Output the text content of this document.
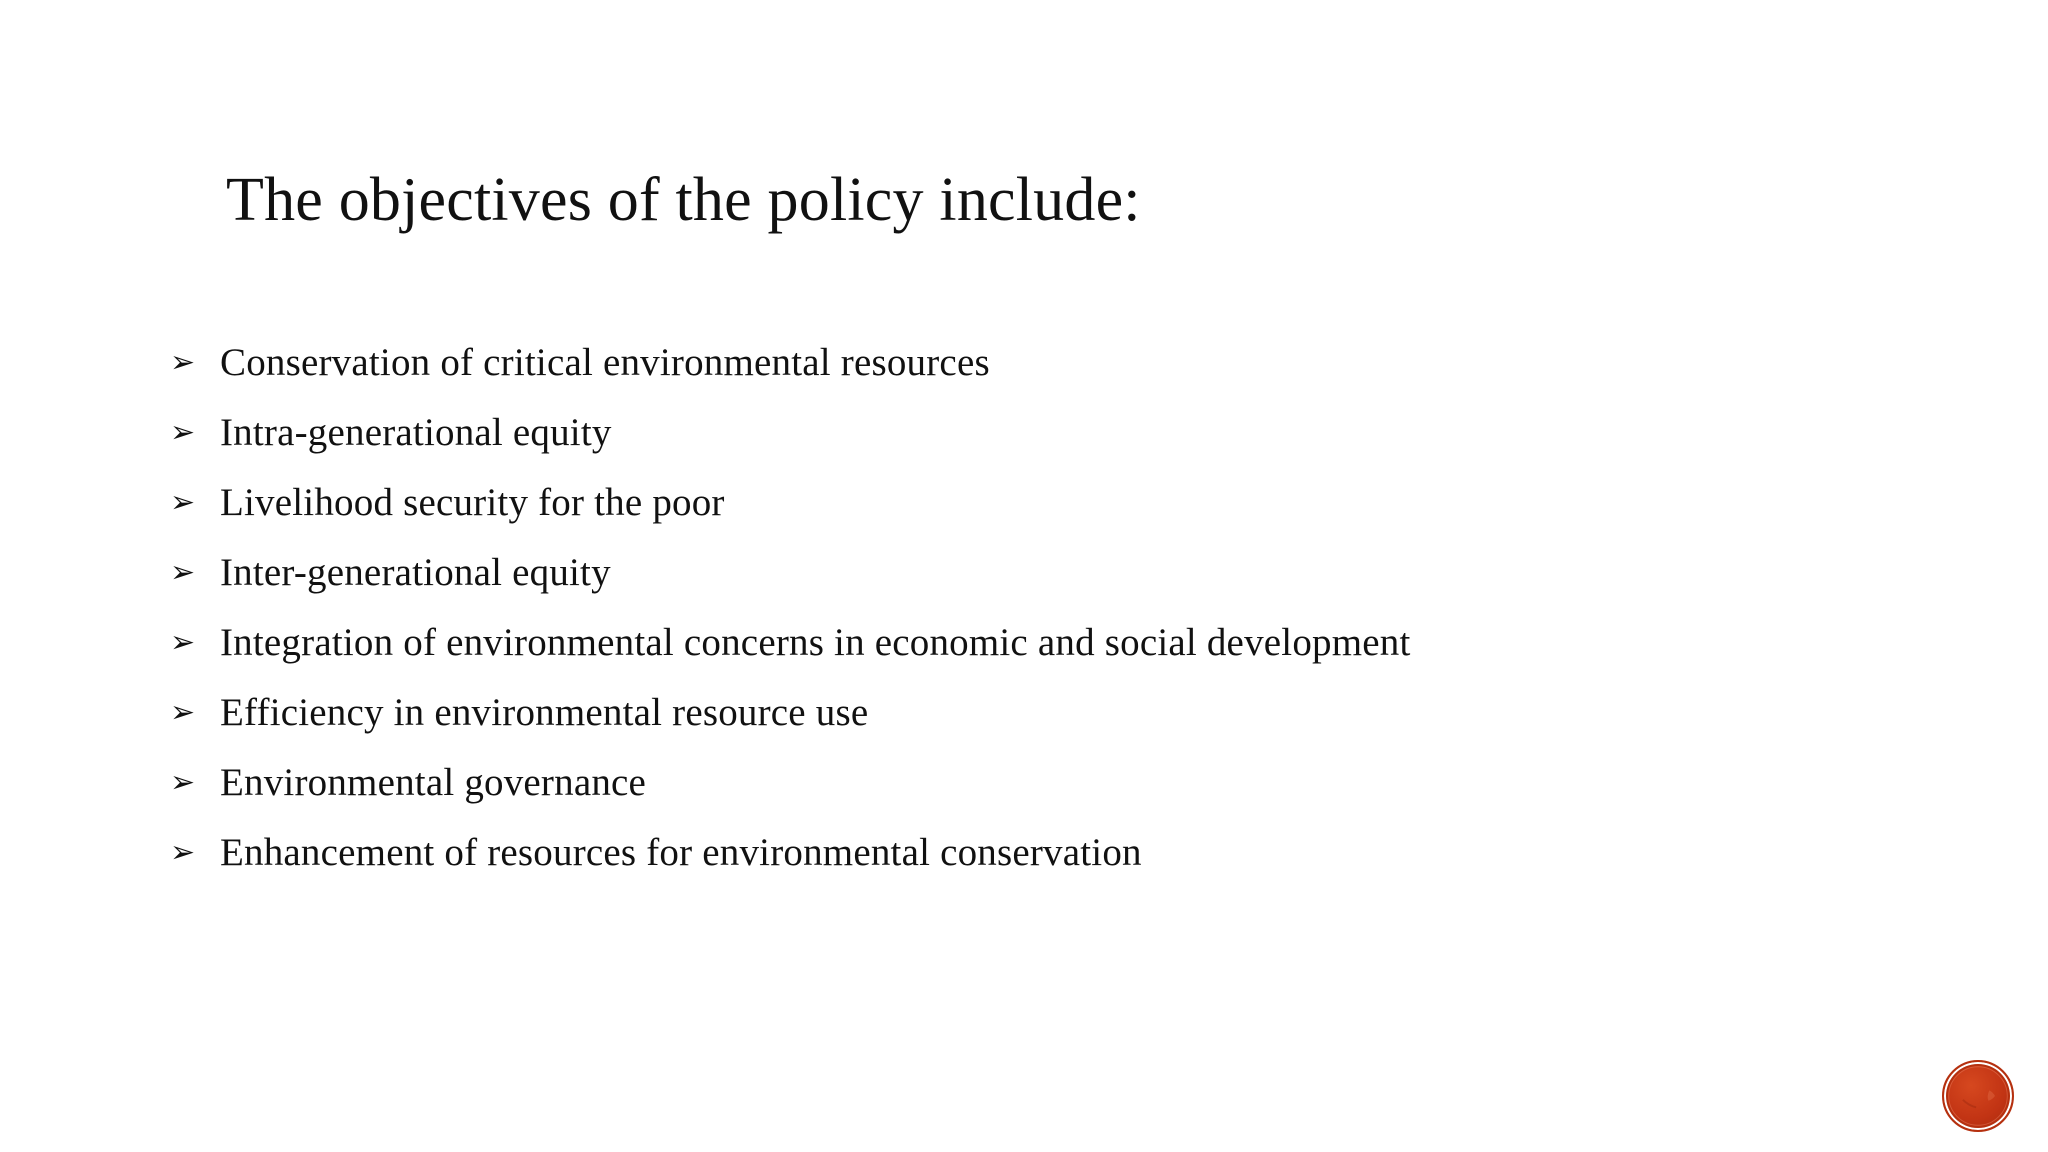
The objectives of the policy include:
➢ Conservation of critical environmental resources
➢ Intra-generational equity
➢ Livelihood security for the poor
➢ Inter-generational equity
➢ Integration of environmental concerns in economic and social development
➢ Efficiency in environmental resource use
➢ Environmental governance
➢ Enhancement of resources for environmental conservation
